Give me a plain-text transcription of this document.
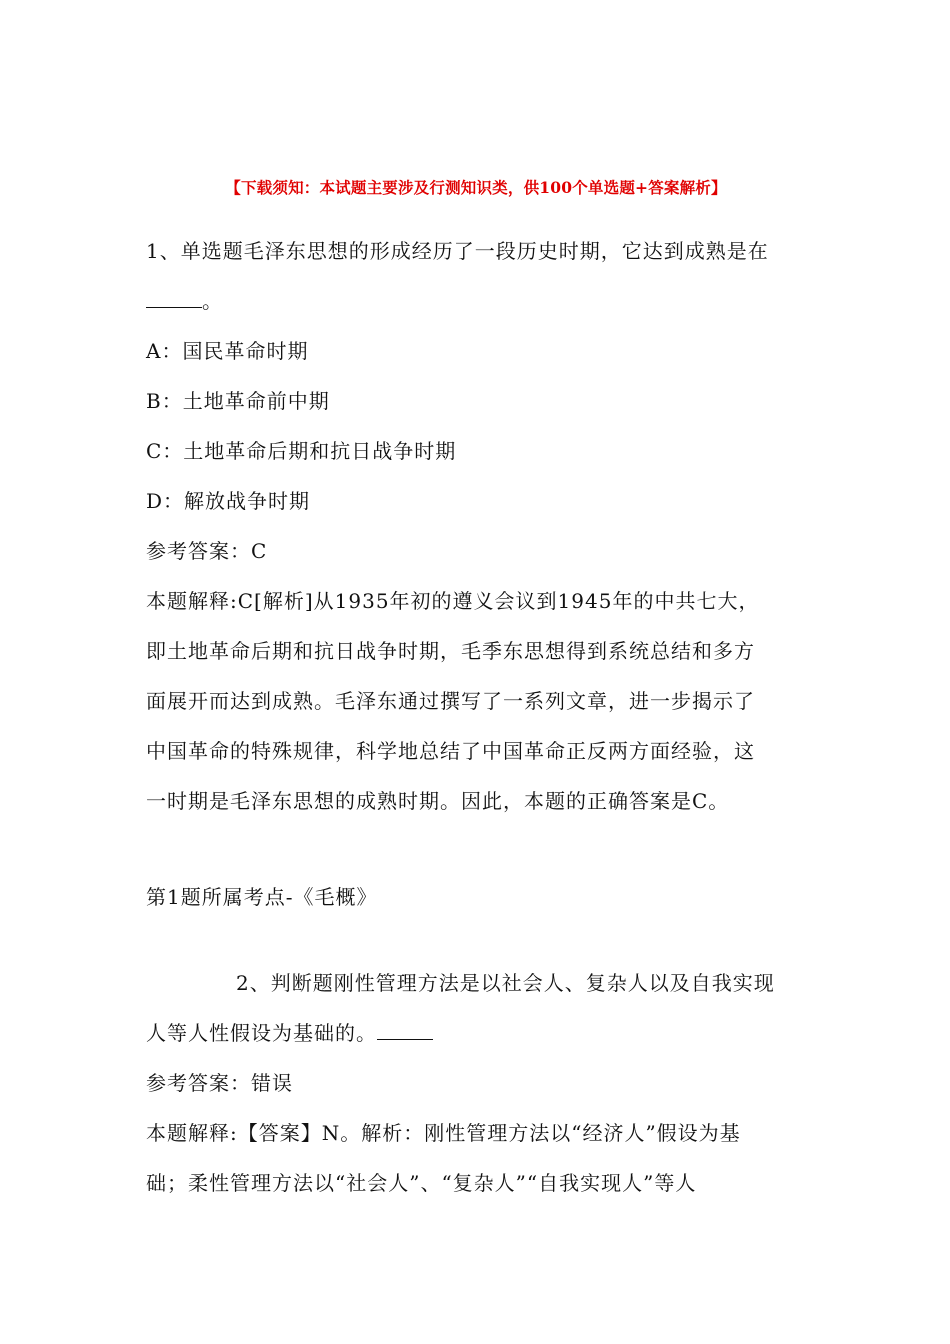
【下载须知：本试题主要涉及行测知识类，供100个单选题+答案解析】
1、单选题毛泽东思想的形成经历了一段历史时期，它达到成熟是在
。
A：国民革命时期
B：土地革命前中期
C：土地革命后期和抗日战争时期
D：解放战争时期
参考答案：C
本题解释:C[解析]从1935年初的遵义会议到1945年的中共七大，
即土地革命后期和抗日战争时期，毛季东思想得到系统总结和多方
面展开而达到成熟。毛泽东通过撰写了一系列文章，进一步揭示了
中国革命的特殊规律，科学地总结了中国革命正反两方面经验，这
一时期是毛泽东思想的成熟时期。因此，本题的正确答案是C。
第1题所属考点-《毛概》
2、判断题刚性管理方法是以社会人、复杂人以及自我实现
人等人性假设为基础的。
参考答案：错误
本题解释:【答案】N。解析：刚性管理方法以“经济人”假设为基
础；柔性管理方法以“社会人”、“复杂人”“自我实现人”等人
